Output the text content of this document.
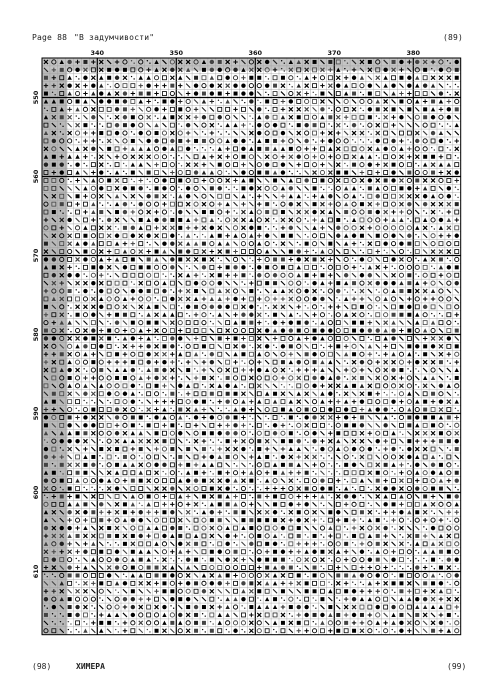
Page 88 "В задумчивости"	(89)
340	350	360	370	380
550
560
570
580
590
600
610
(98)	ХИМЕРА	(99)
